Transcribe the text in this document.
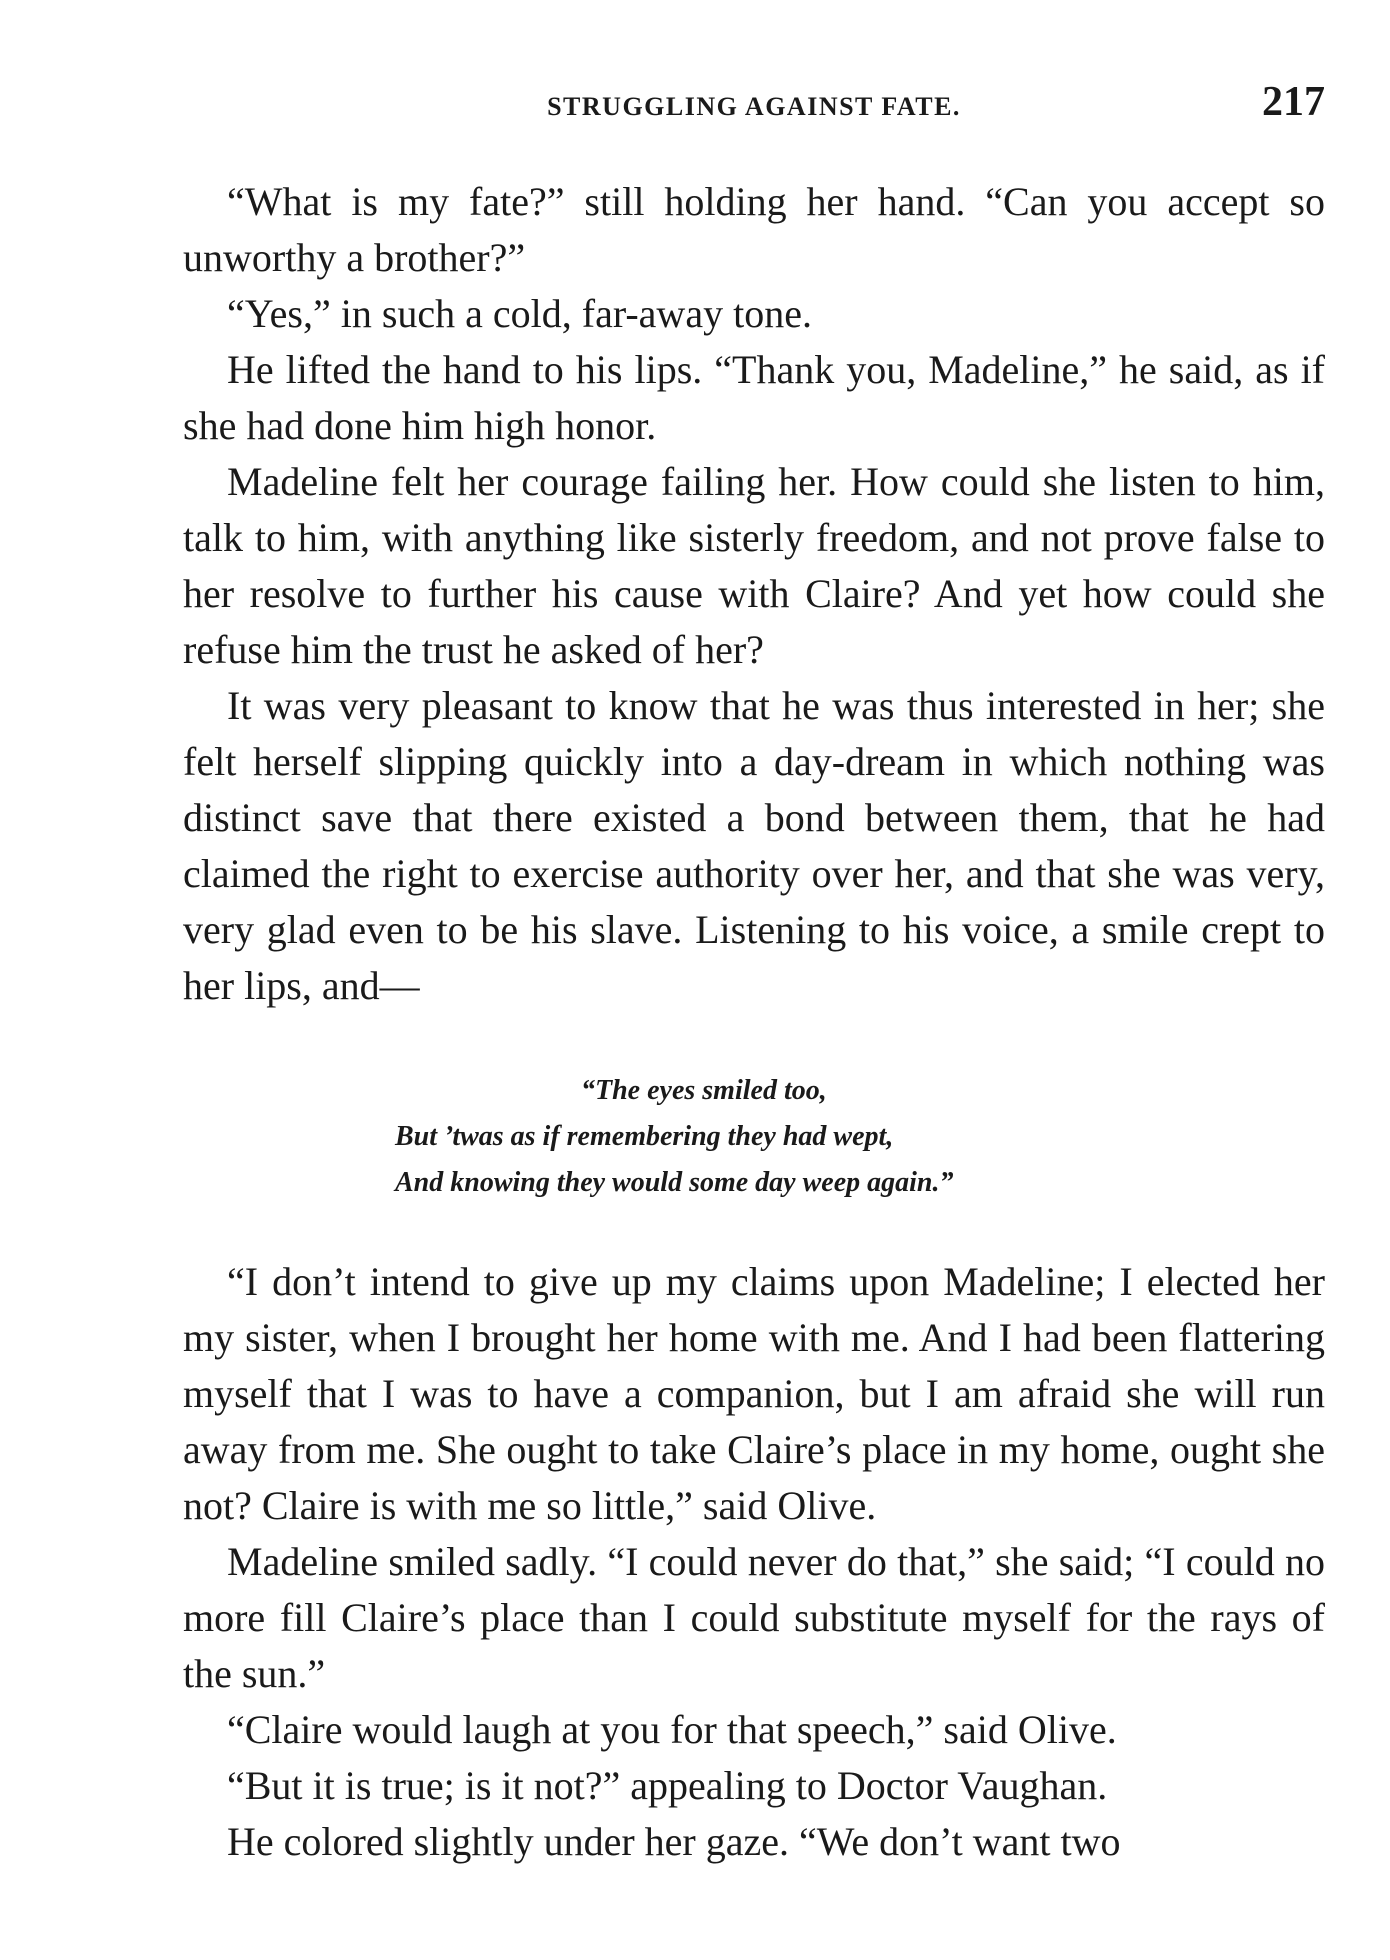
STRUGGLING AGAINST FATE.	217

“What is my fate?” still holding her hand. “Can you accept so unworthy a brother?”

“Yes,” in such a cold, far-away tone.

He lifted the hand to his lips. “Thank you, Madeline,” he said, as if she had done him high honor.

Madeline felt her courage failing her. How could she listen to him, talk to him, with anything like sisterly freedom, and not prove false to her resolve to further his cause with Claire? And yet how could she refuse him the trust he asked of her?

It was very pleasant to know that he was thus interested in her; she felt herself slipping quickly into a day-dream in which nothing was distinct save that there existed a bond between them, that he had claimed the right to exercise authority over her, and that she was very, very glad even to be his slave. Listening to his voice, a smile crept to her lips, and—

“The eyes smiled too,
But ’twas as if remembering they had wept,
And knowing they would some day weep again.”

“I don’t intend to give up my claims upon Madeline; I elected her my sister, when I brought her home with me. And I had been flattering myself that I was to have a companion, but I am afraid she will run away from me. She ought to take Claire’s place in my home, ought she not? Claire is with me so little,” said Olive.

Madeline smiled sadly. “I could never do that,” she said; “I could no more fill Claire’s place than I could substitute myself for the rays of the sun.”

“Claire would laugh at you for that speech,” said Olive.

“But it is true; is it not?” appealing to Doctor Vaughan.

He colored slightly under her gaze. “We don’t want two
